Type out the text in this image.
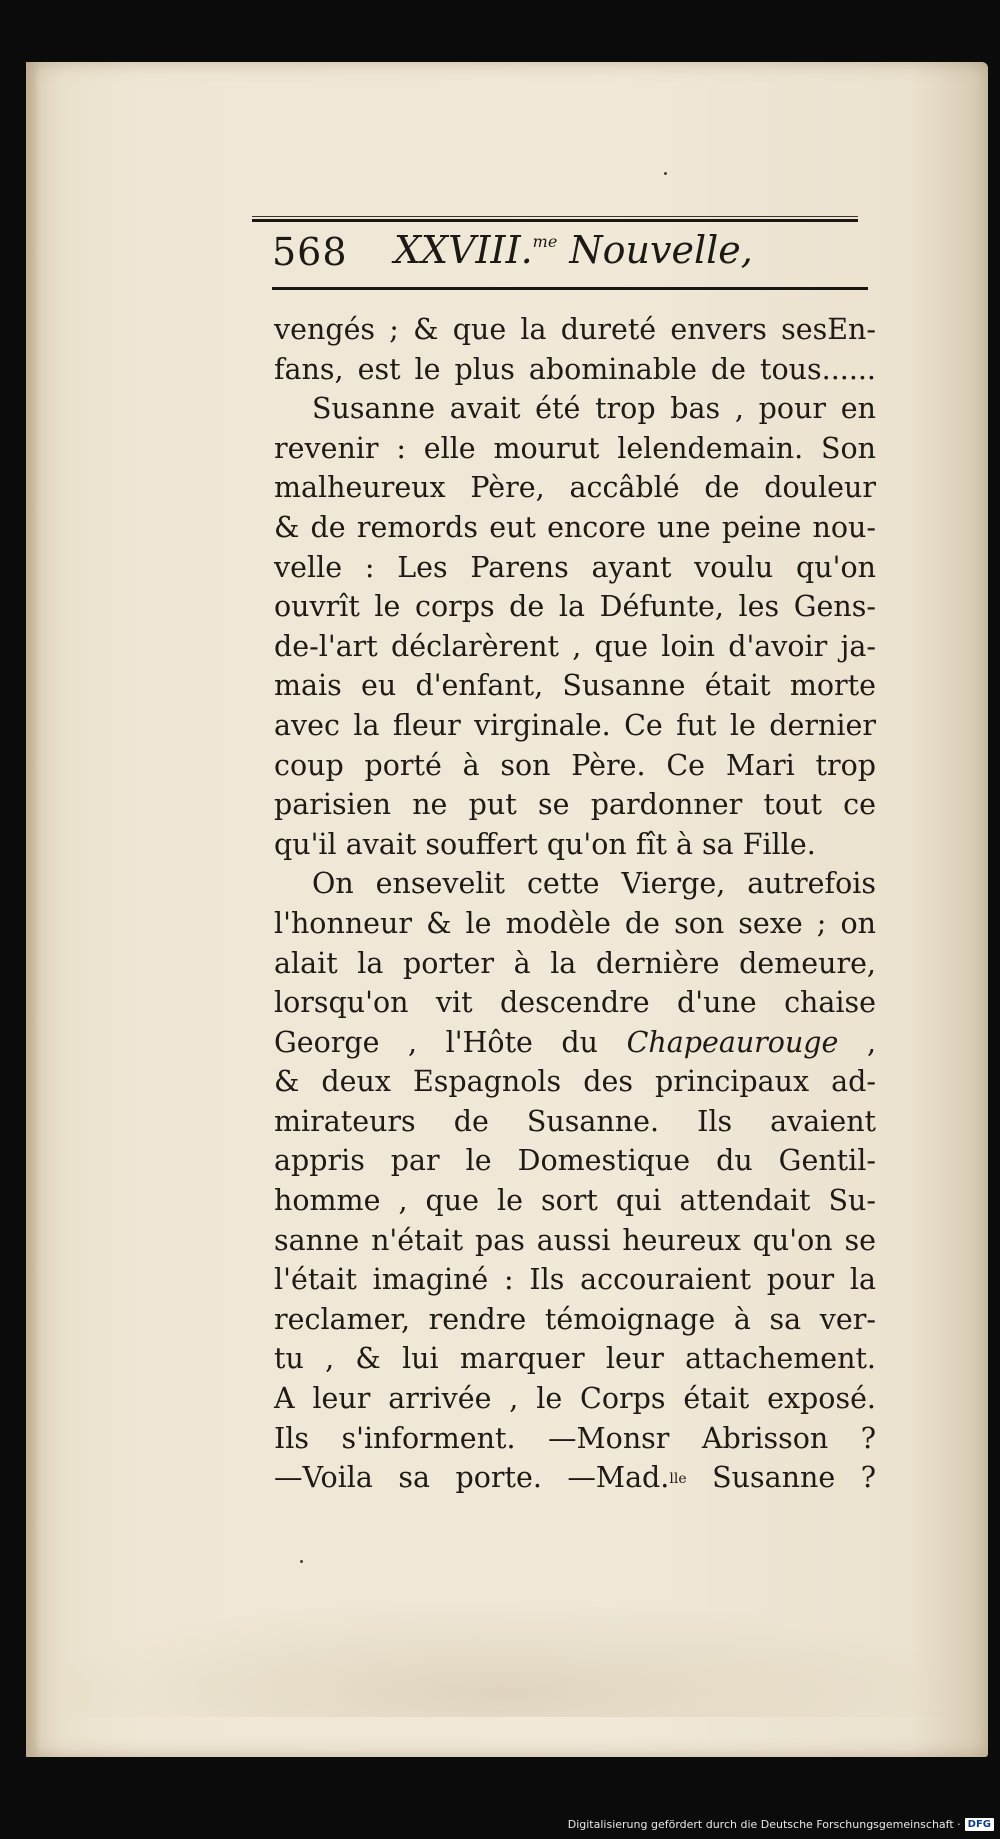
568 XXVIII.$^{me}$ Nouvelle,
vengés ; & que la dureté envers sesEn-
fans, est le plus abominable de tous......
Susanne avait été trop bas , pour en
revenir : elle mourut lelendemain. Son
malheureux Père, accâblé de douleur
& de remords eut encore une peine nou-
velle : Les Parens ayant voulu qu'on
ouvrît le corps de la Défunte, les Gens-
de-l'art déclarèrent , que loin d'avoir ja-
mais eu d'enfant, Susanne était morte
avec la fleur virginale. Ce fut le dernier
coup porté à son Père. Ce Mari trop
parisien ne put se pardonner tout ce
qu'il avait souffert qu'on fît à sa Fille.
On ensevelit cette Vierge, autrefois
l'honneur & le modèle de son sexe ; on
alait la porter à la dernière demeure,
lorsqu'on vit descendre d'une chaise
George , l'Hôte du Chapeaurouge ,
& deux Espagnols des principaux ad-
mirateurs de Susanne. Ils avaient
appris par le Domestique du Gentil-
homme , que le sort qui attendait Su-
sanne n'était pas aussi heureux qu'on se
l'était imaginé : Ils accouraient pour la
reclamer, rendre témoignage à sa ver-
tu , & lui marquer leur attachement.
A leur arrivée , le Corps était exposé.
Ils s'informent. —Monsr Abrisson ?
—Voila sa porte. —Mad.$^{lle}$ Susanne ?
Digitalisierung gefördert durch die Deutsche Forschungsgemeinschaft · DFG
